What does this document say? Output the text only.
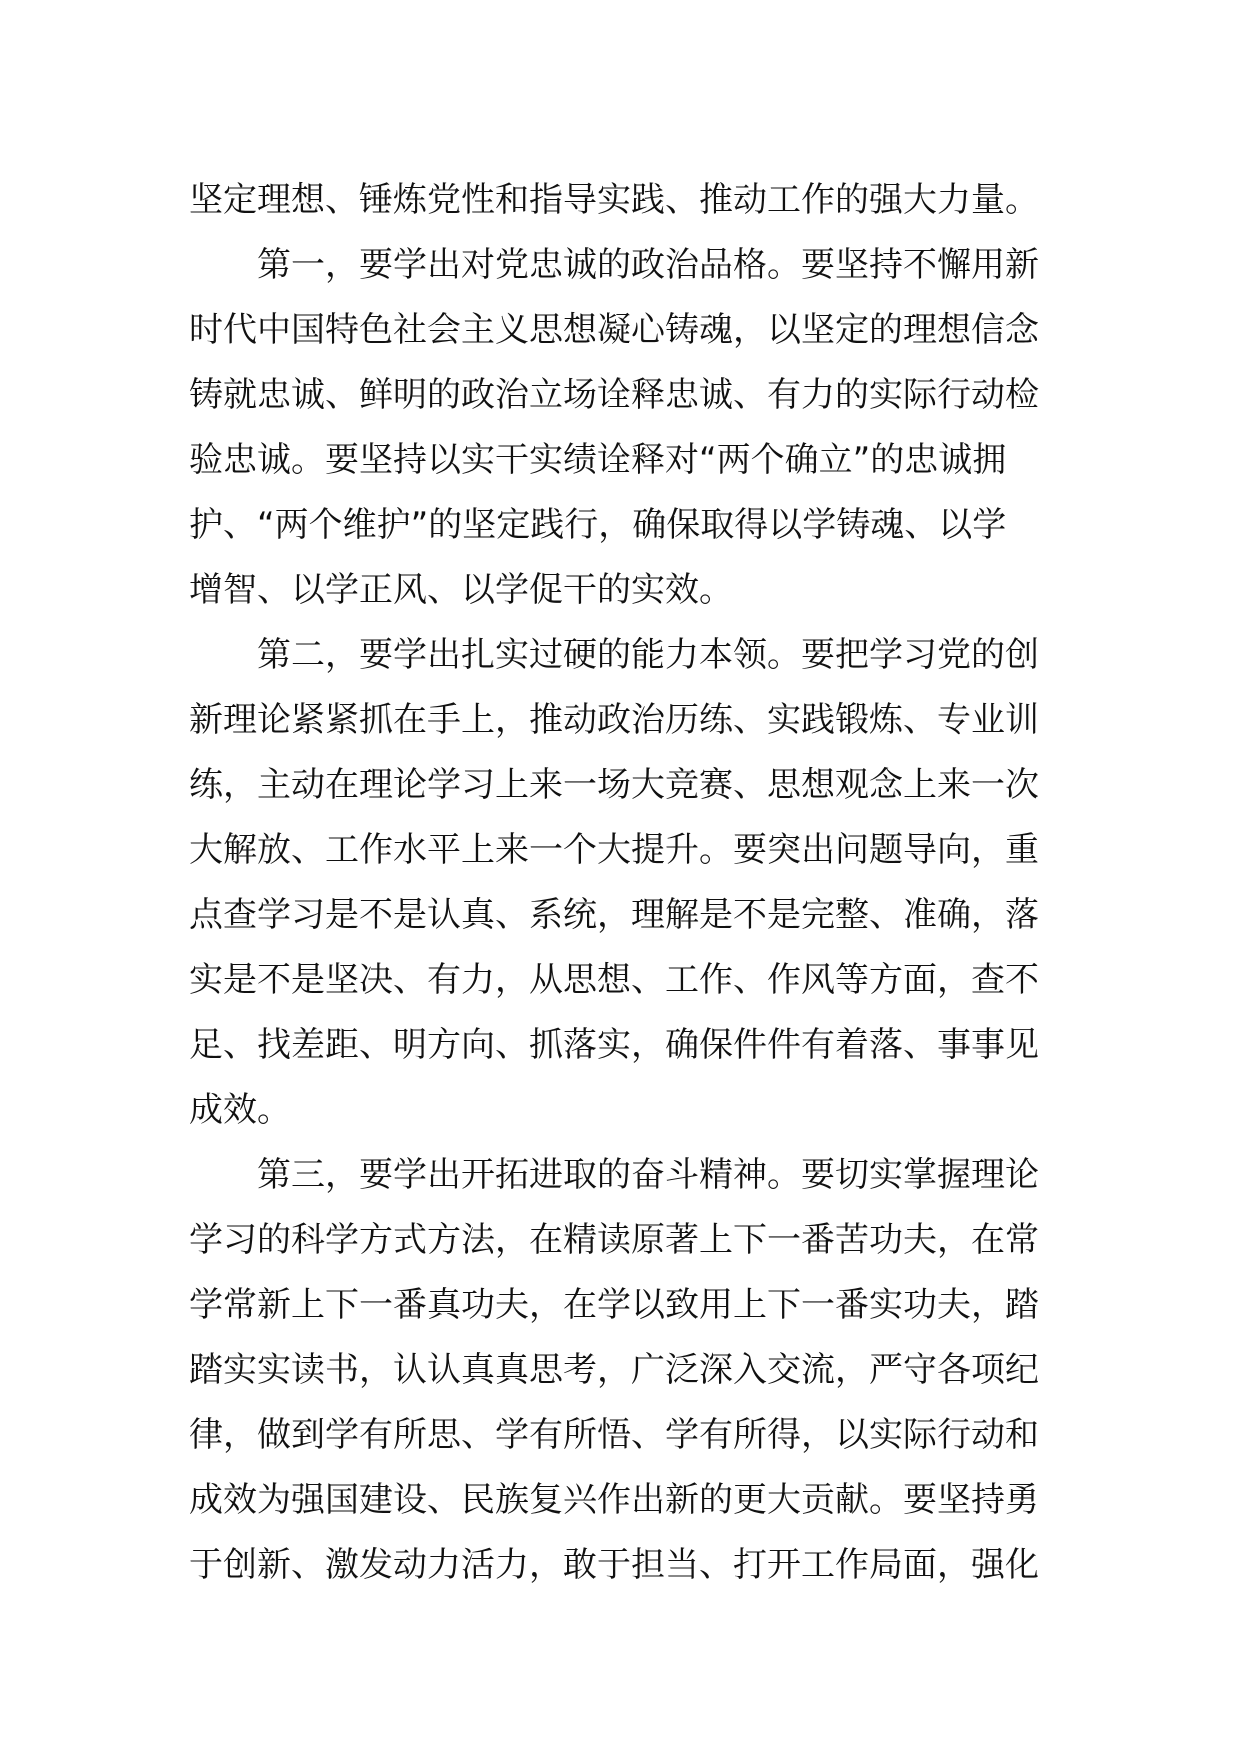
坚定理想、锤炼党性和指导实践、推动工作的强大力量。
第一，要学出对党忠诚的政治品格。要坚持不懈用新
时代中国特色社会主义思想凝心铸魂，以坚定的理想信念
铸就忠诚、鲜明的政治立场诠释忠诚、有力的实际行动检
验忠诚。要坚持以实干实绩诠释对“两个确立”的忠诚拥
护、“两个维护”的坚定践行，确保取得以学铸魂、以学
增智、以学正风、以学促干的实效。
第二，要学出扎实过硬的能力本领。要把学习党的创
新理论紧紧抓在手上，推动政治历练、实践锻炼、专业训
练，主动在理论学习上来一场大竞赛、思想观念上来一次
大解放、工作水平上来一个大提升。要突出问题导向，重
点查学习是不是认真、系统，理解是不是完整、准确，落
实是不是坚决、有力，从思想、工作、作风等方面，查不
足、找差距、明方向、抓落实，确保件件有着落、事事见
成效。
第三，要学出开拓进取的奋斗精神。要切实掌握理论
学习的科学方式方法，在精读原著上下一番苦功夫，在常
学常新上下一番真功夫，在学以致用上下一番实功夫，踏
踏实实读书，认认真真思考，广泛深入交流，严守各项纪
律，做到学有所思、学有所悟、学有所得，以实际行动和
成效为强国建设、民族复兴作出新的更大贡献。要坚持勇
于创新、激发动力活力，敢于担当、打开工作局面，强化
